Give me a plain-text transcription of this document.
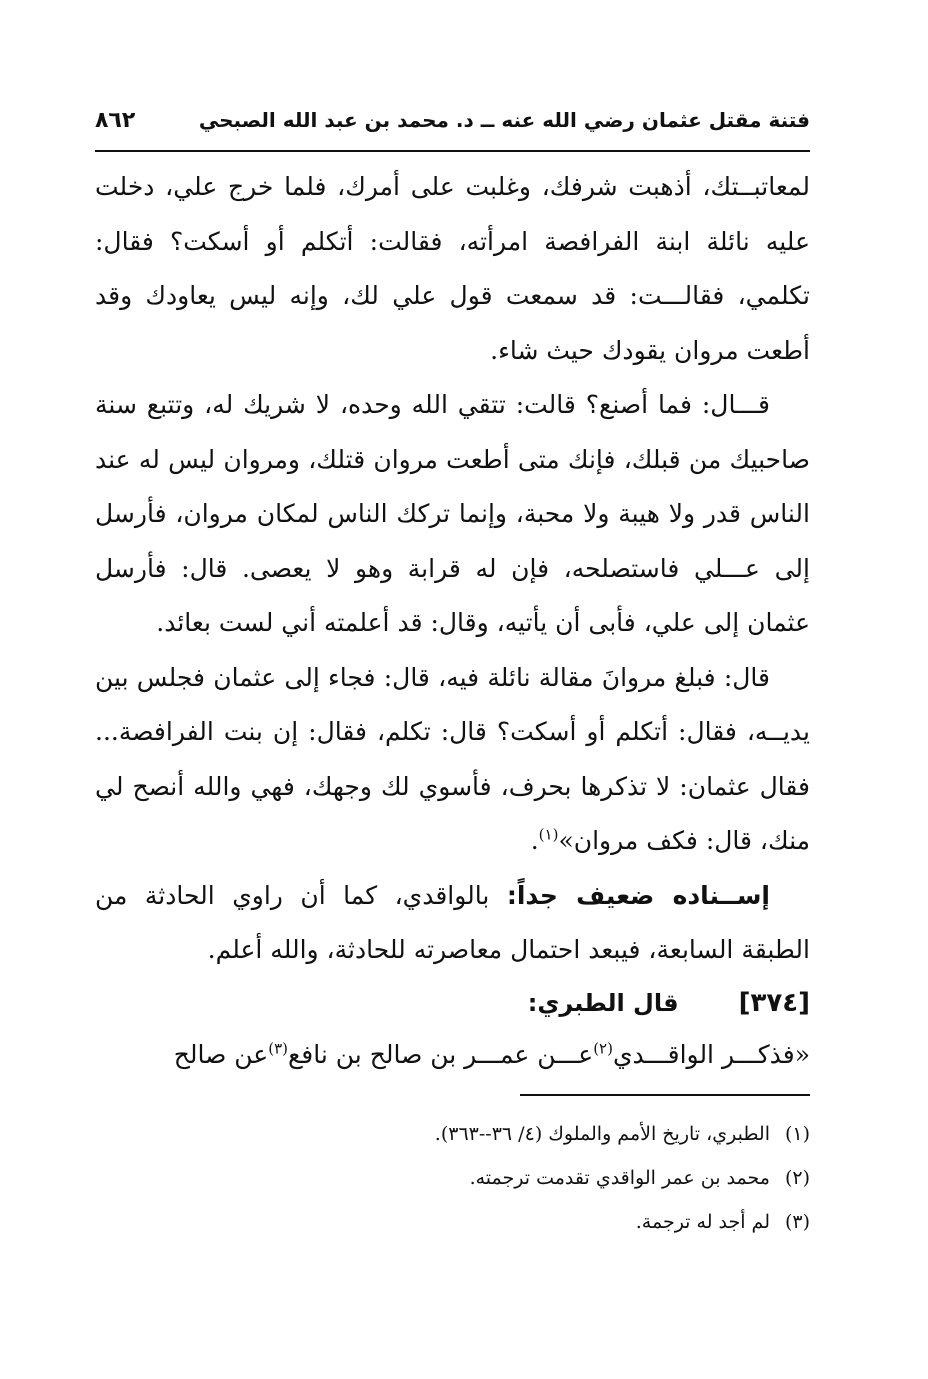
فتنة مقتل عثمان رضي الله عنه ــ د. محمد بن عبد الله الصبحي
٨٦٢

لمعاتبــتك، أذهبت شرفك، وغلبت على أمرك، فلما خرج علي، دخلت عليه نائلة ابنة الفرافصة امرأته، فقالت: أتكلم أو أسكت؟ فقال: تكلمي، فقالـــت: قد سمعت قول علي لك، وإنه ليس يعاودك وقد أطعت مروان يقودك حيث شاء.

قـــال: فما أصنع؟ قالت: تتقي الله وحده، لا شريك له، وتتبع سنة صاحبيك من قبلك، فإنك متى أطعت مروان قتلك، ومروان ليس له عند الناس قدر ولا هيبة ولا محبة، وإنما تركك الناس لمكان مروان، فأرسل إلى عـــلي فاستصلحه، فإن له قرابة وهو لا يعصى. قال: فأرسل عثمان إلى علي، فأبى أن يأتيه، وقال: قد أعلمته أني لست بعائد.

قال: فبلغ مروانَ مقالة نائلة فيه، قال: فجاء إلى عثمان فجلس بين يديــه، فقال: أتكلم أو أسكت؟ قال: تكلم، فقال: إن بنت الفرافصة... فقال عثمان: لا تذكرها بحرف، فأسوي لك وجهك، فهي والله أنصح لي منك، قال: فكف مروان»$^{(١)}$.

إســناده ضعيف جداً: بالواقدي، كما أن راوي الحادثة من الطبقة السابعة، فيبعد احتمال معاصرته للحادثة، والله أعلم.

[٣٧٤]
قال الطبري:

«فذكـــر الواقـــدي$^{(٢)}$عـــن عمـــر بن صالح بن نافع$^{(٣)}$عن صالح

(١)
الطبري، تاريخ الأمم والملوك (٤/ ٣٦--٣٦٣).
(٢)
محمد بن عمر الواقدي تقدمت ترجمته.
(٣)
لم أجد له ترجمة.
